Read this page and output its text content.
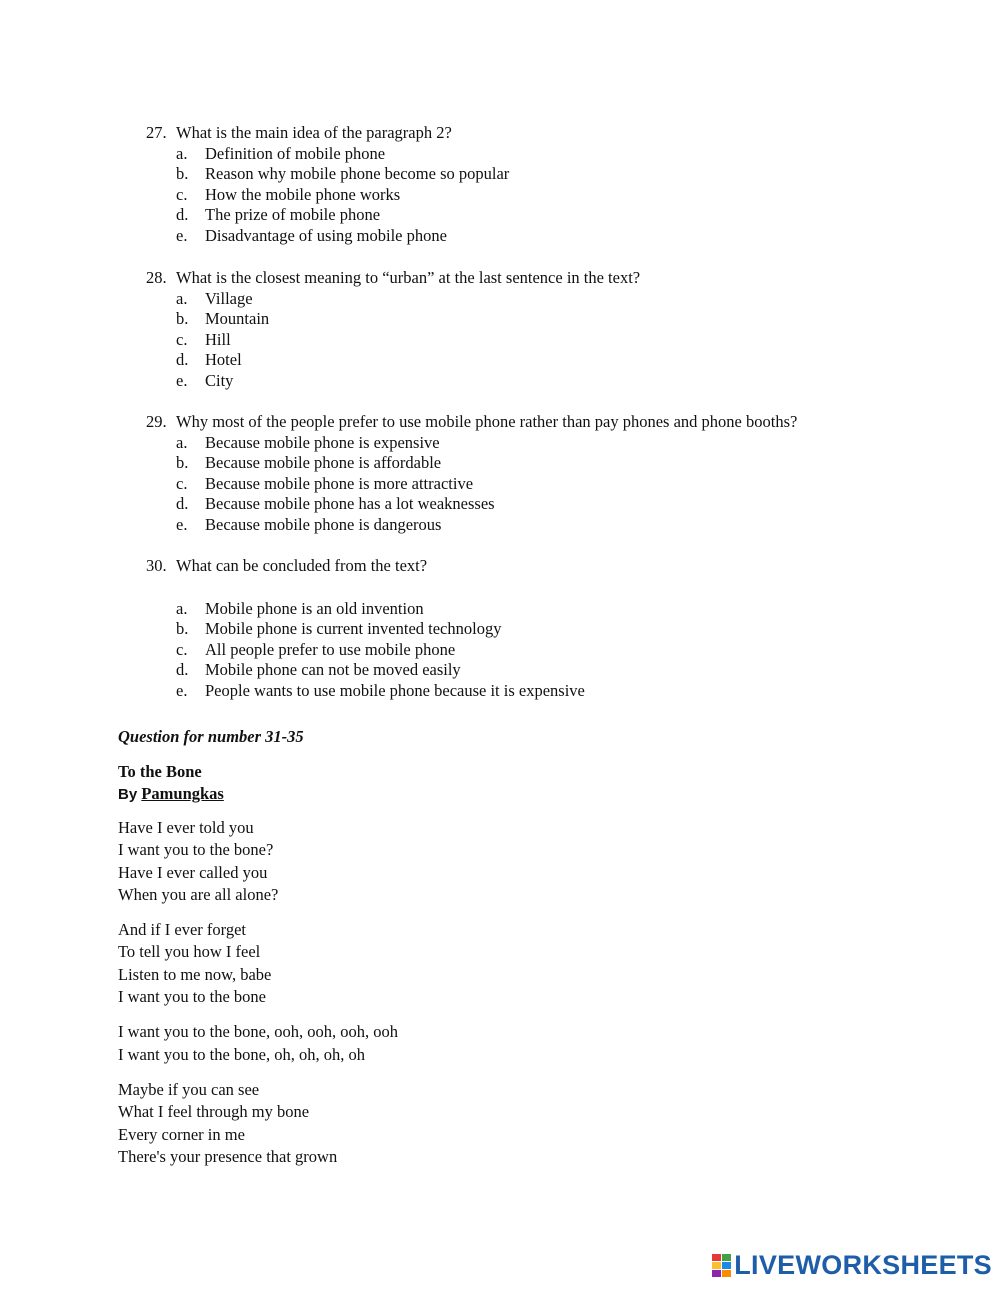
27. What is the main idea of the paragraph 2?
a.	Definition of mobile phone
b.	Reason why mobile phone become so popular
c.	How the mobile phone works
d.	The prize of mobile phone
e.	Disadvantage of using mobile phone
28. What is the closest meaning to “urban” at the last sentence in the text?
a.	Village
b.	Mountain
c.	Hill
d.	Hotel
e.	City
29. Why most of the people prefer to use mobile phone rather than pay phones and phone booths?
a.	Because mobile phone is expensive
b.	Because mobile phone is affordable
c.	Because mobile phone is more attractive
d.	Because mobile phone has a lot weaknesses
e.	Because mobile phone is dangerous
30. What can be concluded from the text?
a.	Mobile phone is an old invention
b.	Mobile phone is current invented technology
c.	All people prefer to use mobile phone
d.	Mobile phone can not be moved easily
e.	People wants to use mobile phone because it is expensive
Question for number 31-35
To the Bone
By Pamungkas
Have I ever told you
I want you to the bone?
Have I ever called you
When you are all alone?
And if I ever forget
To tell you how I feel
Listen to me now, babe
I want you to the bone
I want you to the bone, ooh, ooh, ooh, ooh
I want you to the bone, oh, oh, oh, oh
Maybe if you can see
What I feel through my bone
Every corner in me
There's your presence that grown
LIVEWORKSHEETS
